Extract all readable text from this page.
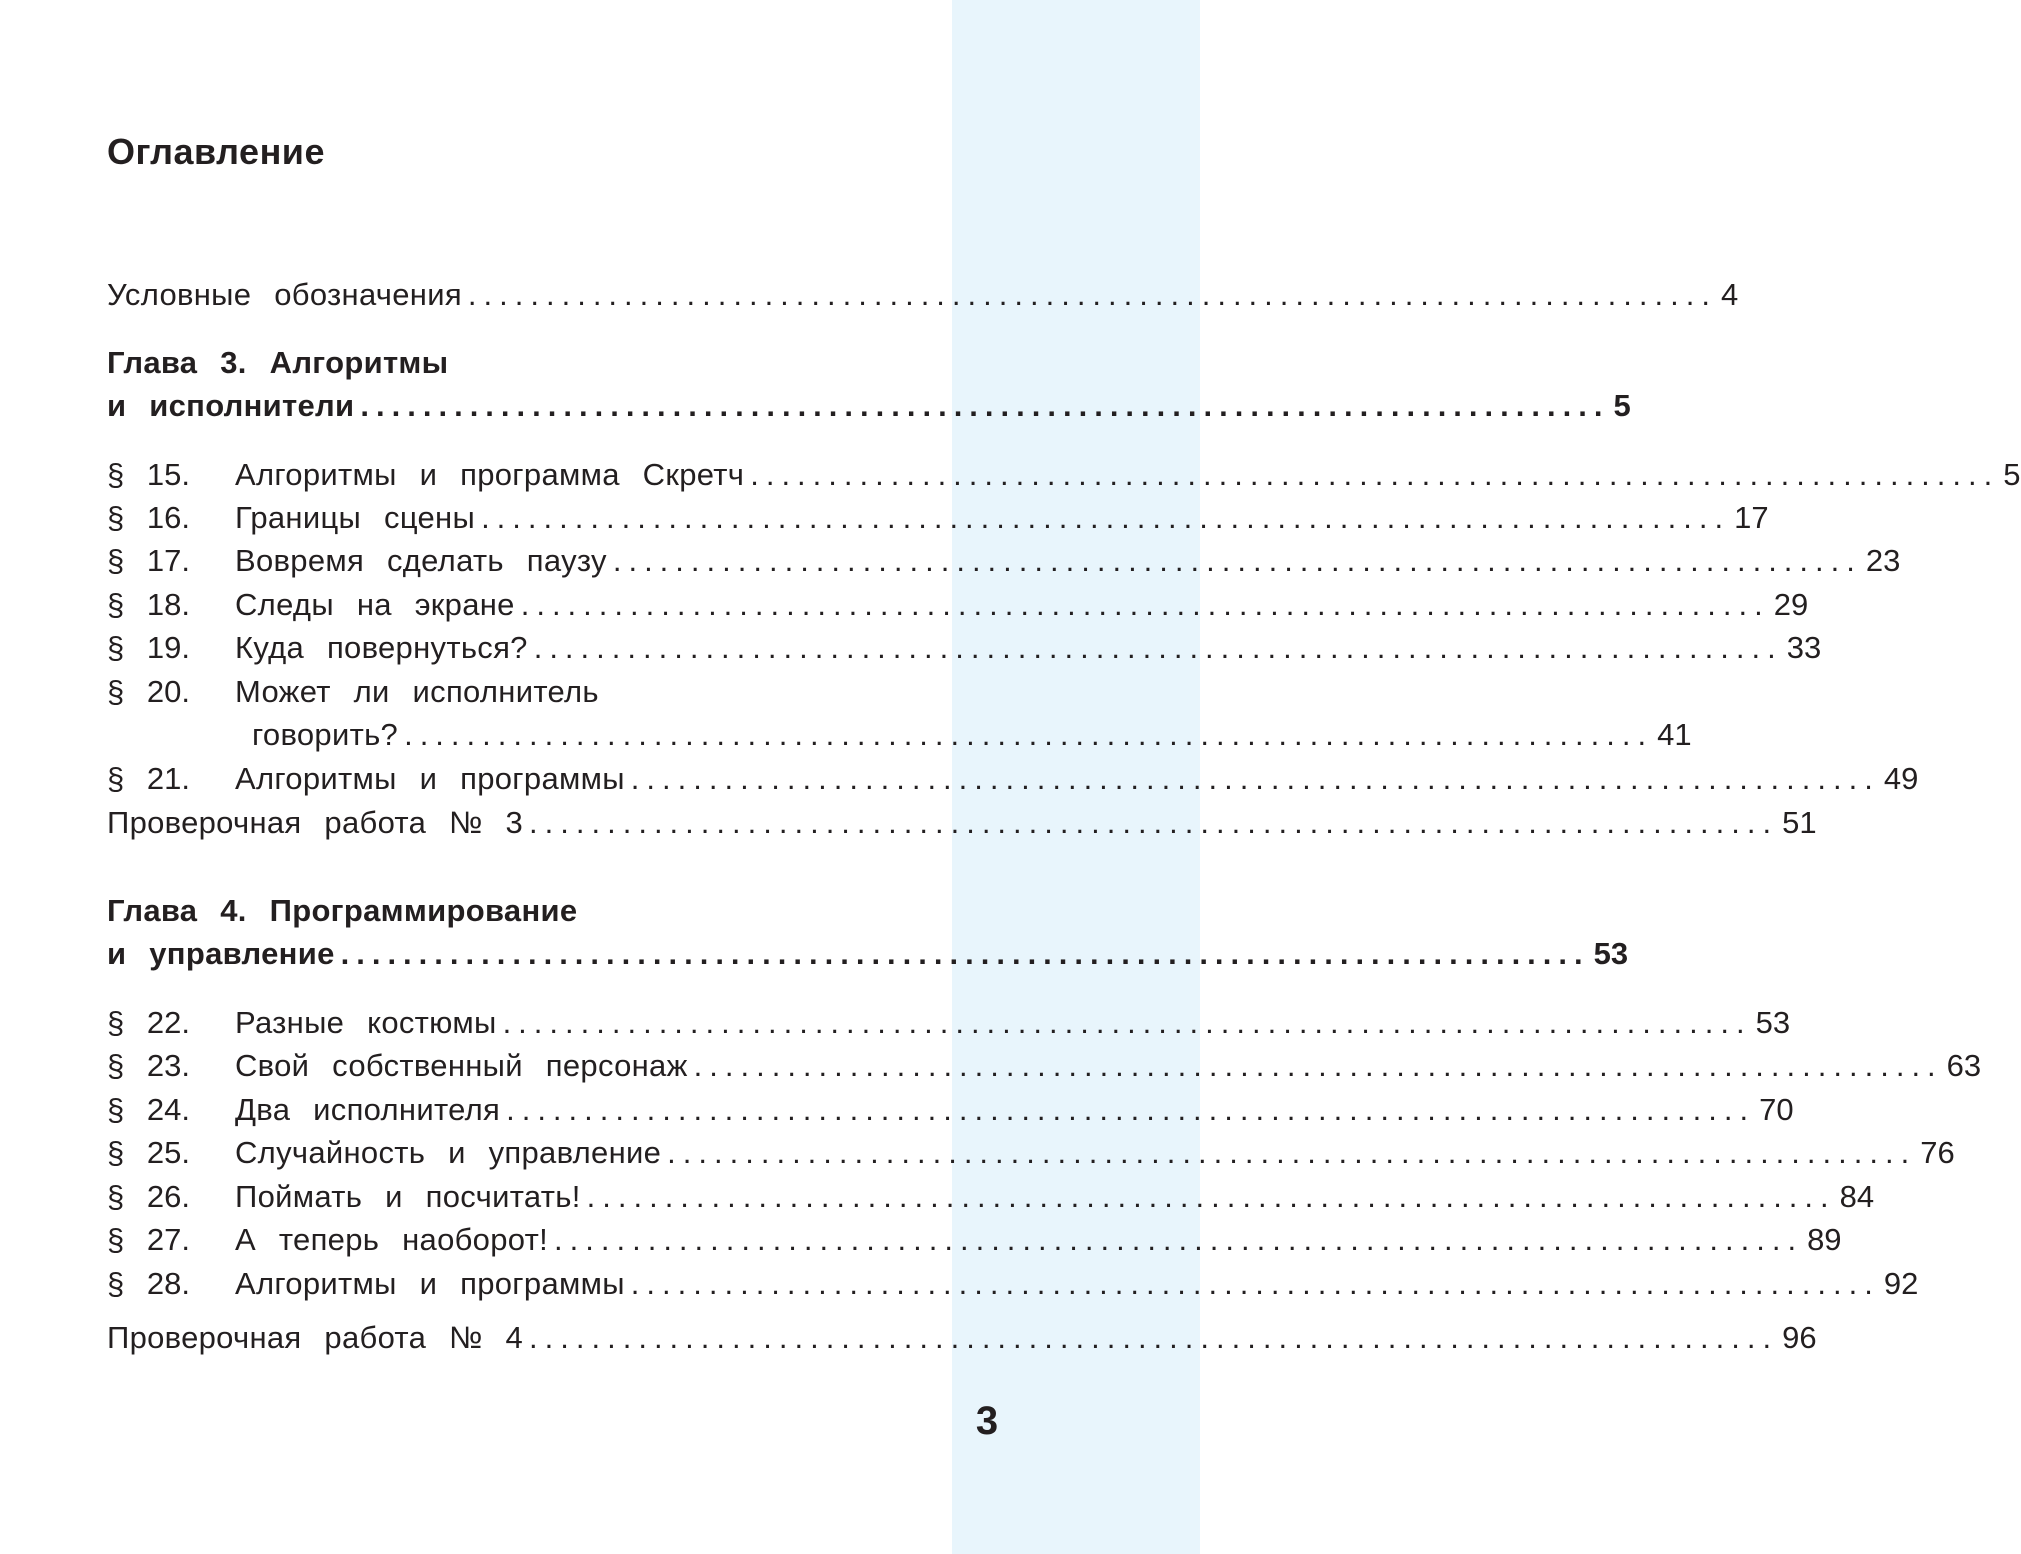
3
Оглавление
Условные обозначения ................................................................................ 4
Глава 3. Алгоритмы
и исполнители ................................................................................ 5
§ 15.	Алгоритмы и программа Скретч ................................................................................ 5
§ 16.	Границы сцены ................................................................................ 17
§ 17.	Вовремя сделать паузу ................................................................................ 23
§ 18.	Следы на экране ................................................................................ 29
§ 19.	Куда повернуться? ................................................................................ 33
§ 20.	Может ли исполнитель
говорить? ................................................................................ 41
§ 21.	Алгоритмы и программы ................................................................................ 49
Проверочная работа № 3 ................................................................................ 51
Глава 4. Программирование
и управление ................................................................................ 53
§ 22.	Разные костюмы ................................................................................ 53
§ 23.	Свой собственный персонаж ................................................................................ 63
§ 24.	Два исполнителя ................................................................................ 70
§ 25.	Случайность и управление ................................................................................ 76
§ 26.	Поймать и посчитать! ................................................................................ 84
§ 27.	А теперь наоборот! ................................................................................ 89
§ 28.	Алгоритмы и программы ................................................................................ 92
Проверочная работа № 4 ................................................................................ 96
